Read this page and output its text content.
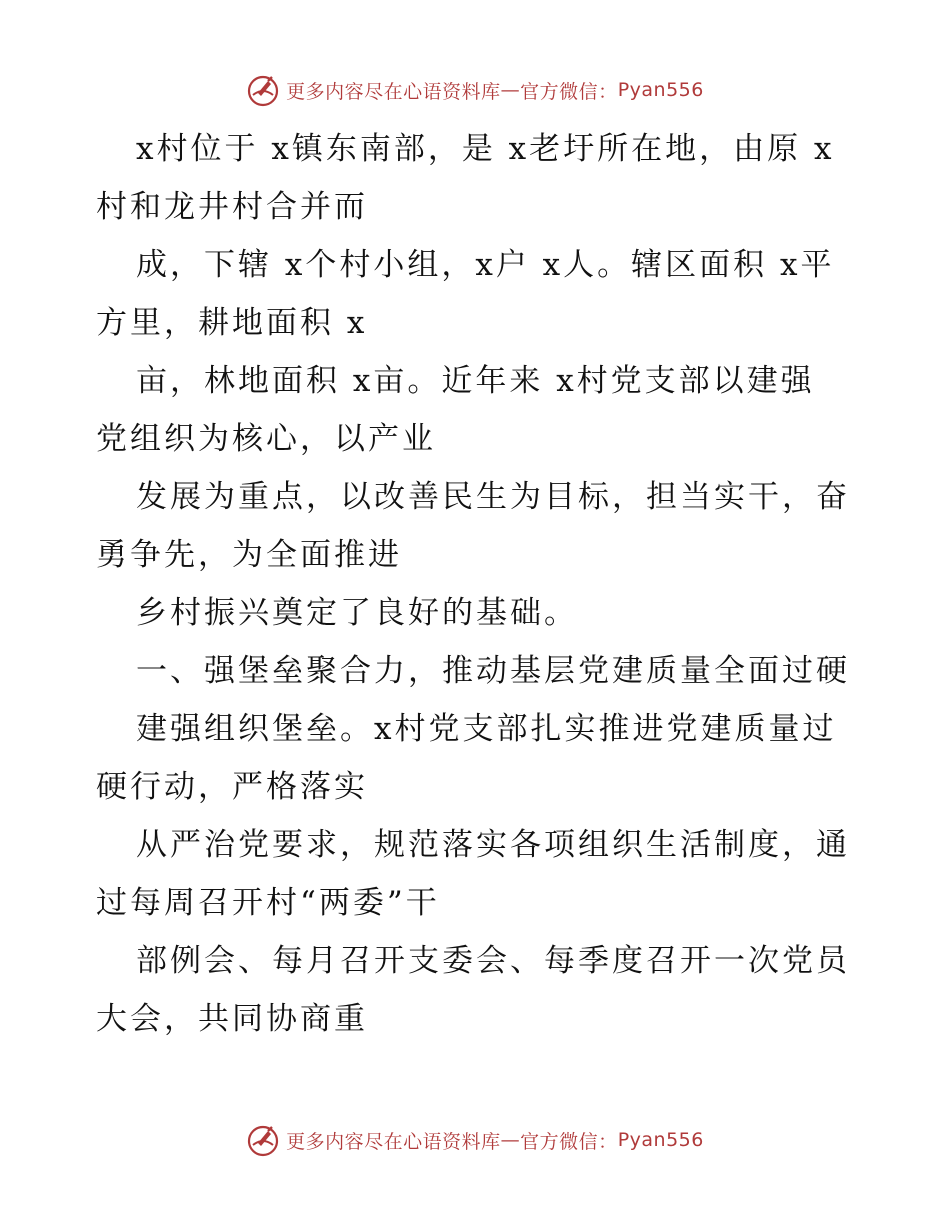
更多内容尽在心语资料库 — 官方微信： Pyan556
x村位于 x镇东南部，是 x老圩所在地，由原 x
村和龙井村合并而
成，下辖 x个村小组，x户 x人。辖区面积 x平
方里，耕地面积 x
亩，林地面积 x亩。近年来 x村党支部以建强
党组织为核心，以产业
发展为重点，以改善民生为目标，担当实干，奋
勇争先，为全面推进
乡村振兴奠定了良好的基础。
一、强堡垒聚合力，推动基层党建质量全面过硬
建强组织堡垒。x村党支部扎实推进党建质量过
硬行动，严格落实
从严治党要求，规范落实各项组织生活制度，通
过每周召开村“两委”干
部例会、每月召开支委会、每季度召开一次党员
大会，共同协商重
更多内容尽在心语资料库 — 官方微信： Pyan556
